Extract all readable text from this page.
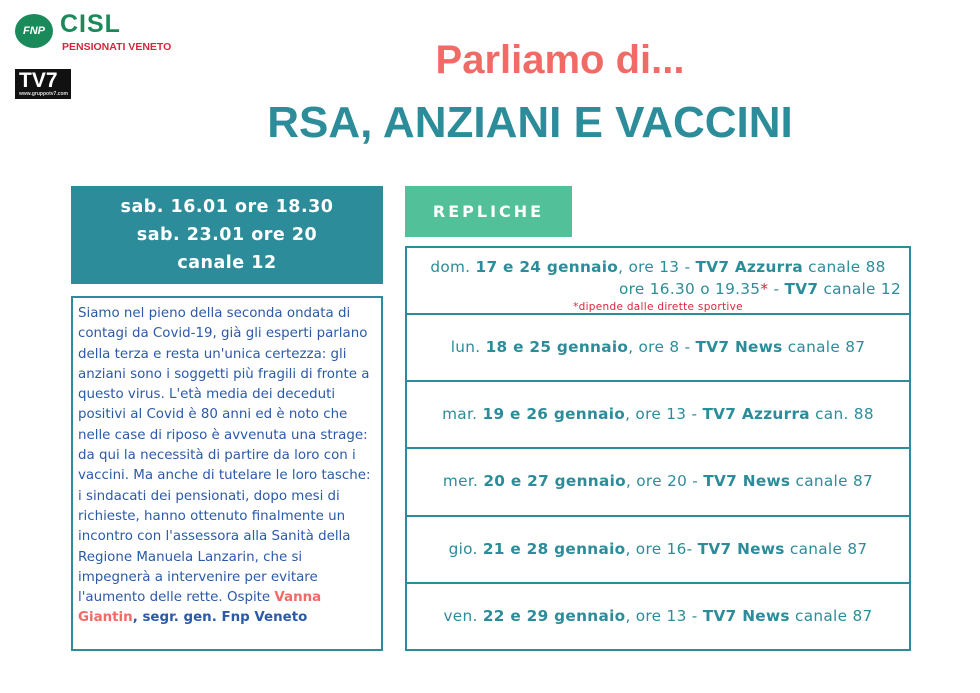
FNP CISL
PENSIONATI VENETO
TV7
www.gruppotv7.com
Parliamo di...
RSA, ANZIANI E VACCINI
sab. 16.01 ore 18.30
sab. 23.01 ore 20
canale 12
Siamo nel pieno della seconda ondata di contagi da Covid-19, già gli esperti parlano della terza e resta un'unica certezza: gli anziani sono i soggetti più fragili di fronte a questo virus. L'età media dei deceduti positivi al Covid è 80 anni ed è noto che nelle case di riposo è avvenuta una strage: da qui la necessità di partire da loro con i vaccini. Ma anche di tutelare le loro tasche: i sindacati dei pensionati, dopo mesi di richieste, hanno ottenuto finalmente un incontro con l'assessora alla Sanità della Regione Manuela Lanzarin, che si impegnerà a intervenire per evitare l'aumento delle rette. Ospite Vanna Giantin, segr. gen. Fnp Veneto
REPLICHE
dom. 17 e 24 gennaio, ore 13 - TV7 Azzurra canale 88
ore 16.30 o 19.35* - TV7 canale 12
*dipende dalle dirette sportive
lun. 18 e 25 gennaio, ore 8 - TV7 News canale 87
mar. 19 e 26 gennaio, ore 13 - TV7 Azzurra can. 88
mer. 20 e 27 gennaio, ore 20 - TV7 News canale 87
gio. 21 e 28 gennaio, ore 16- TV7 News canale 87
ven. 22 e 29 gennaio, ore 13 - TV7 News canale 87
